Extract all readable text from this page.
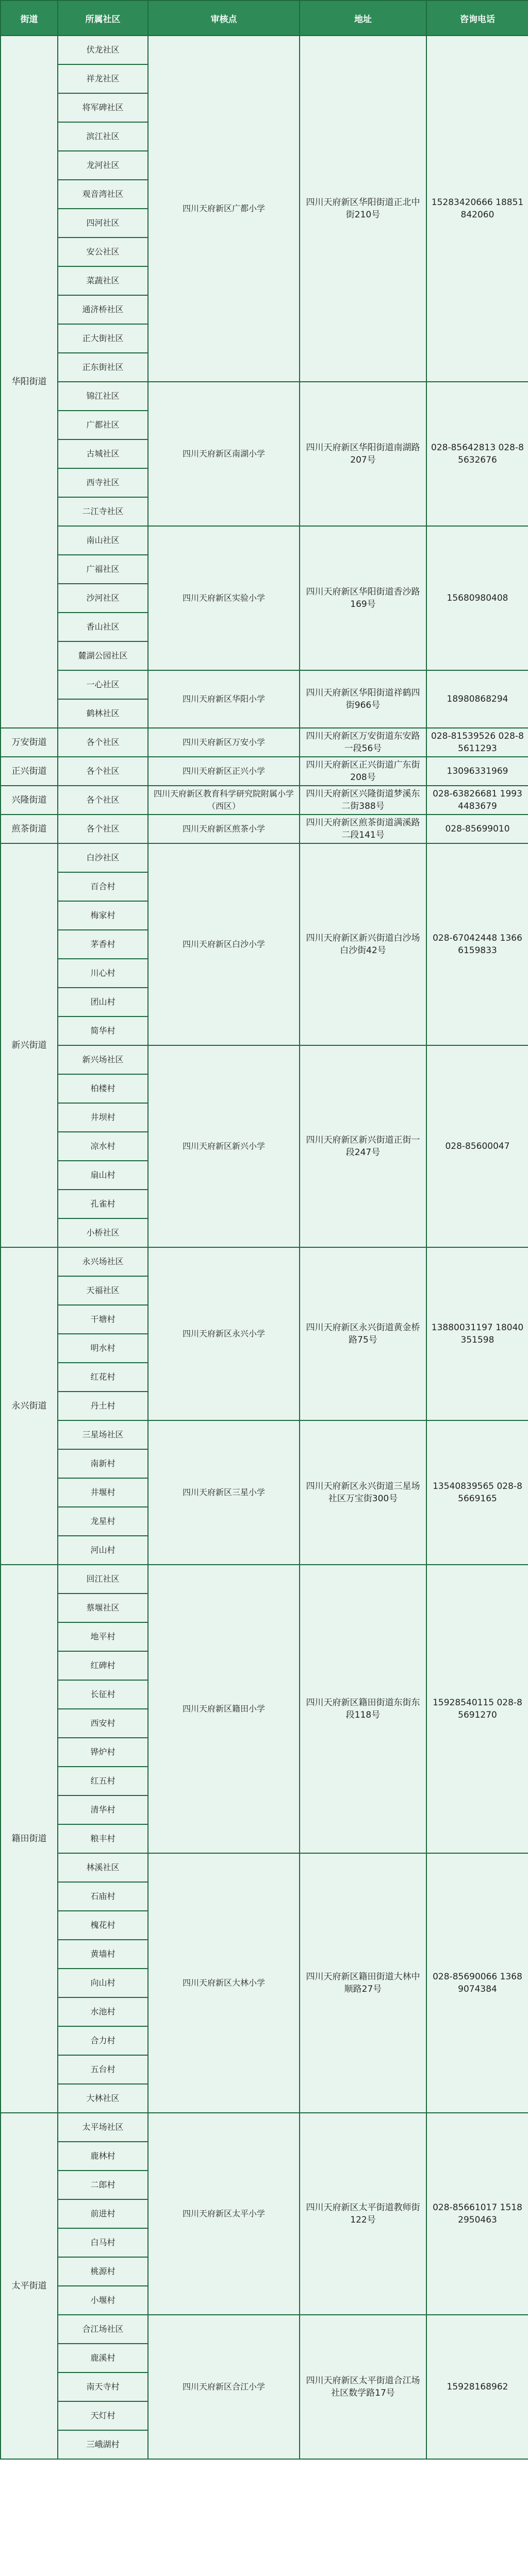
街道	所属社区	审核点	地址	咨询电话
华阳街道	伏龙社区	四川天府新区广都小学	四川天府新区华阳街道正北中街210号	15283420666 18851842060
	祥龙社区			
	将军碑社区			
	滨江社区			
	龙河社区			
	观音湾社区			
	四河社区			
	安公社区			
	菜蔬社区			
	通济桥社区			
	正大街社区			
	正东街社区			
	锦江社区	四川天府新区南湖小学	四川天府新区华阳街道南湖路207号	028-85642813 028-85632676
	广都社区			
	古城社区			
	西寺社区			
	二江寺社区			
	南山社区	四川天府新区实验小学	四川天府新区华阳街道香沙路169号	15680980408
	广福社区			
	沙河社区			
	香山社区			
	麓湖公园社区			
	一心社区	四川天府新区华阳小学	四川天府新区华阳街道祥鹤四街966号	18980868294
	鹤林社区			
万安街道	各个社区	四川天府新区万安小学	四川天府新区万安街道东安路一段56号	028-81539526 028-85611293
正兴街道	各个社区	四川天府新区正兴小学	四川天府新区正兴街道广东街208号	13096331969
兴隆街道	各个社区	四川天府新区教育科学研究院附属小学（西区）	四川天府新区兴隆街道梦溪东二街388号	028-63826681 19934483679
煎茶街道	各个社区	四川天府新区煎茶小学	四川天府新区煎茶街道满溪路二段141号	028-85699010
新兴街道	白沙社区	四川天府新区白沙小学	四川天府新区新兴街道白沙场白沙街42号	028-67042448 13666159833
	百合村			
	梅家村			
	茅香村			
	川心村			
	团山村			
	简华村			
	新兴场社区	四川天府新区新兴小学	四川天府新区新兴街道正街一段247号	028-85600047
	柏楼村			
	井坝村			
	凉水村			
	扇山村			
	孔雀村			
	小桥社区			
永兴街道	永兴场社区	四川天府新区永兴小学	四川天府新区永兴街道黄金桥路75号	13880031197 18040351598
	天福社区			
	干塘村			
	明水村			
	红花村			
	丹土村			
	三星场社区	四川天府新区三星小学	四川天府新区永兴街道三星场社区万宝街300号	13540839565 028-85669165
	南新村			
	井堰村			
	龙星村			
	河山村			
籍田街道	回江社区	四川天府新区籍田小学	四川天府新区籍田街道东街东段118号	15928540115 028-85691270
	蔡堰社区			
	地平村			
	红碑村			
	长征村			
	西安村			
	铧炉村			
	红五村			
	清华村			
	粮丰村			
	林溪社区	四川天府新区大林小学	四川天府新区籍田街道大林中顺路27号	028-85690066 13689074384
	石庙村			
	槐花村			
	黄墙村			
	向山村			
	水池村			
	合力村			
	五台村			
	大林社区			
太平街道	太平场社区	四川天府新区太平小学	四川天府新区太平街道教师街122号	028-85661017 15182950463
	鹿林村			
	二郎村			
	前进村			
	白马村			
	桃源村			
	小堰村			
	合江场社区	四川天府新区合江小学	四川天府新区太平街道合江场社区数学路17号	15928168962
	鹿溪村			
	南天寺村			
	天灯村			
	三峨湖村			
